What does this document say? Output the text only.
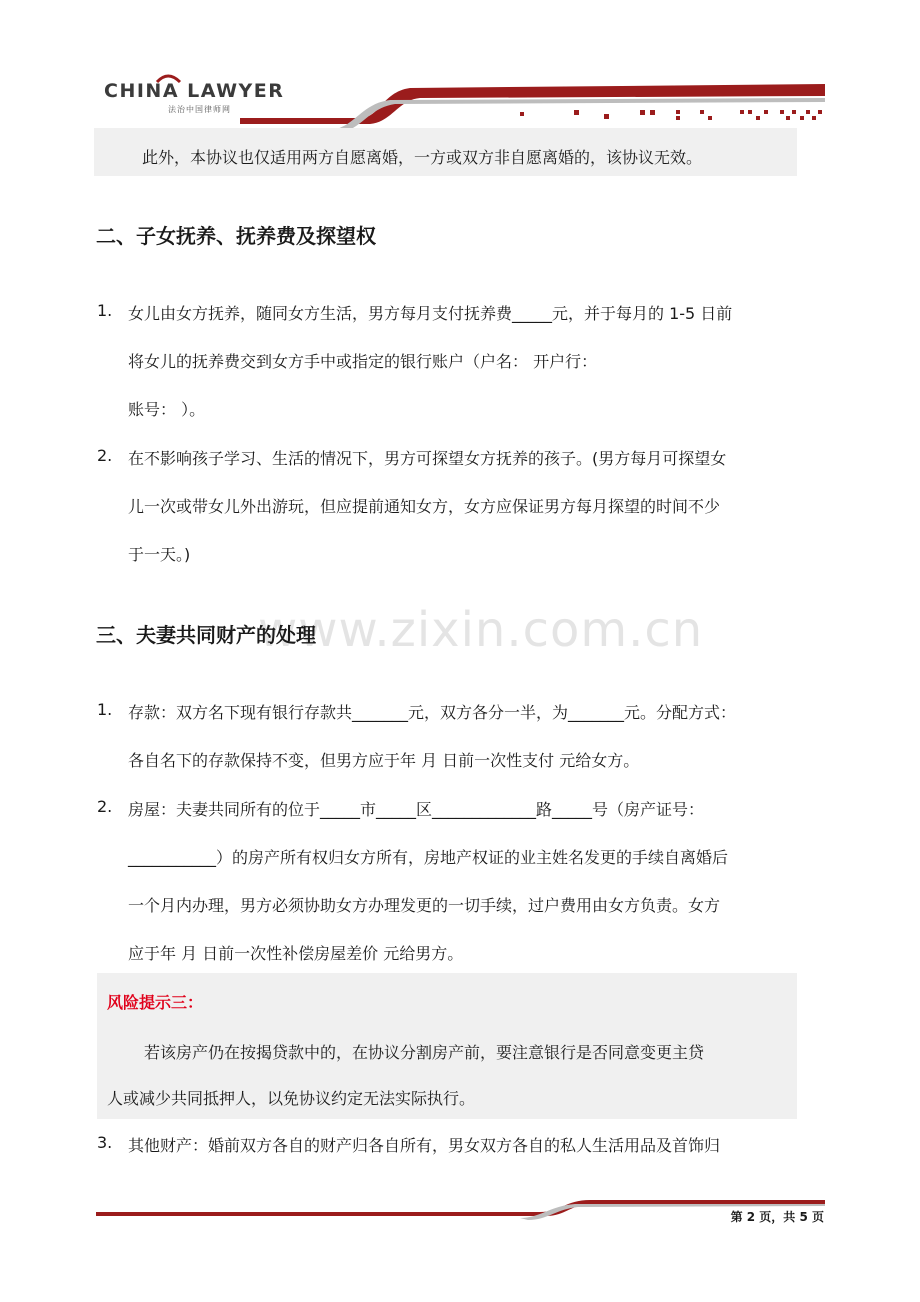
CHINA LAWYER
法治中国律师网
此外，本协议也仅适用两方自愿离婚，一方或双方非自愿离婚的，该协议无效。
二、子女抚养、抚养费及探望权
1. 女儿由女方抚养，随同女方生活，男方每月支付抚养费_____元，并于每月的 1-5 日前
将女儿的抚养费交到女方手中或指定的银行账户（户名： 开户行：
账号： ）。
2. 在不影响孩子学习、生活的情况下，男方可探望女方抚养的孩子。(男方每月可探望女
儿一次或带女儿外出游玩，但应提前通知女方，女方应保证男方每月探望的时间不少
于一天。)
www.zixin.com.cn
三、夫妻共同财产的处理
1. 存款：双方名下现有银行存款共_______元，双方各分一半，为_______元。分配方式：
各自名下的存款保持不变，但男方应于年 月 日前一次性支付 元给女方。
2. 房屋：夫妻共同所有的位于_____市_____区_____________路_____号（房产证号：
___________）的房产所有权归女方所有，房地产权证的业主姓名发更的手续自离婚后
一个月内办理，男方必须协助女方办理发更的一切手续，过户费用由女方负责。女方
应于年 月 日前一次性补偿房屋差价 元给男方。
风险提示三：
若该房产仍在按揭贷款中的，在协议分割房产前，要注意银行是否同意变更主贷
人或减少共同抵押人，以免协议约定无法实际执行。
3. 其他财产：婚前双方各自的财产归各自所有，男女双方各自的私人生活用品及首饰归
第 2 页，共 5 页
